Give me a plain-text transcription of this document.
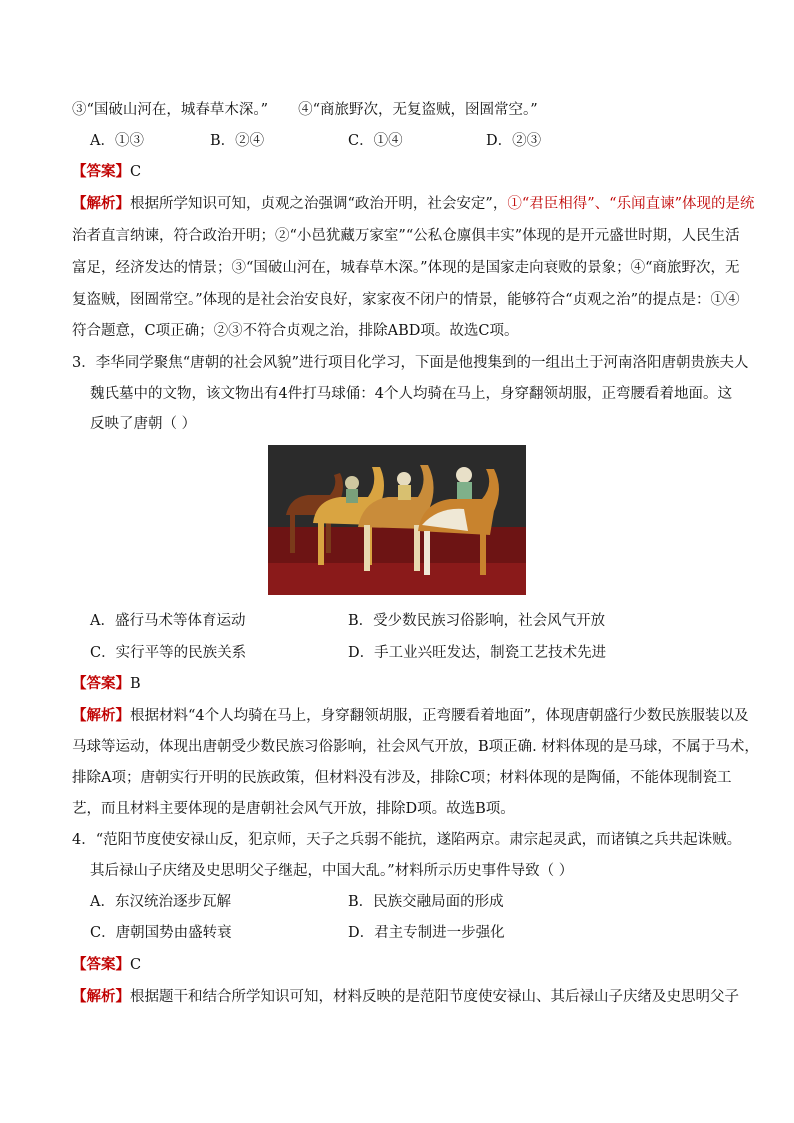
③“国破山河在，城春草木深。” ④“商旅野次，无复盗贼，囹圄常空。”
A．①③	B．②④	C．①④	D．②③
【答案】C
【解析】根据所学知识可知，贞观之治强调“政治开明，社会安定”，①“君臣相得”、“乐闻直谏”体现的是统
治者直言纳谏，符合政治开明；②“小邑犹藏万家室”“公私仓廪俱丰实”体现的是开元盛世时期，人民生活
富足，经济发达的情景；③“国破山河在，城春草木深。”体现的是国家走向衰败的景象；④“商旅野次，无
复盗贼，囹圄常空。”体现的是社会治安良好，家家夜不闭户的情景，能够符合“贞观之治”的提点是：①④
符合题意，C项正确；②③不符合贞观之治，排除ABD项。故选C项。
3．李华同学聚焦“唐朝的社会风貌”进行项目化学习，下面是他搜集到的一组出土于河南洛阳唐朝贵族夫人
魏氏墓中的文物，该文物出有4件打马球俑：4个人均骑在马上，身穿翻领胡服，正弯腰看着地面。这
反映了唐朝（ ）
A．盛行马术等体育运动	B．受少数民族习俗影响，社会风气开放
C．实行平等的民族关系	D．手工业兴旺发达，制瓷工艺技术先进
【答案】B
【解析】根据材料“4个人均骑在马上，身穿翻领胡服，正弯腰看着地面”，体现唐朝盛行少数民族服装以及
马球等运动，体现出唐朝受少数民族习俗影响，社会风气开放，B项正确. 材料体现的是马球，不属于马术，
排除A项；唐朝实行开明的民族政策，但材料没有涉及，排除C项；材料体现的是陶俑，不能体现制瓷工
艺，而且材料主要体现的是唐朝社会风气开放，排除D项。故选B项。
4．“范阳节度使安禄山反，犯京师，天子之兵弱不能抗，遂陷两京。肃宗起灵武，而诸镇之兵共起诛贼。
其后禄山子庆绪及史思明父子继起，中国大乱。”材料所示历史事件导致（ ）
A．东汉统治逐步瓦解	B．民族交融局面的形成
C．唐朝国势由盛转衰	D．君主专制进一步强化
【答案】C
【解析】根据题干和结合所学知识可知，材料反映的是范阳节度使安禄山、其后禄山子庆绪及史思明父子
